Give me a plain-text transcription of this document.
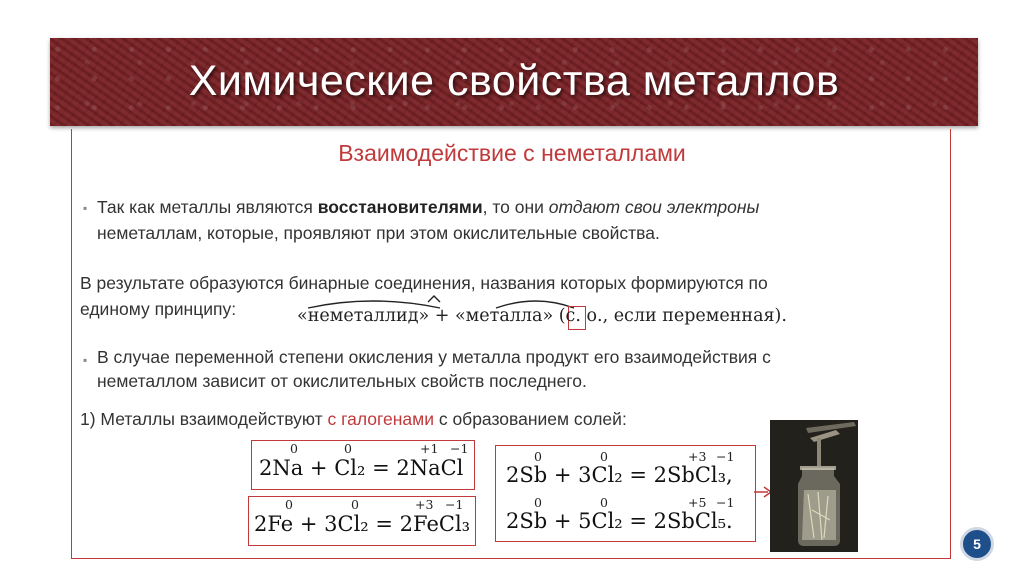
Химические свойства металлов
Взаимодействие с неметаллами
▪ Так как металлы являются восстановителями, то они отдают свои электроны
неметаллам, которые, проявляют при этом окислительные свойства.
В результате образуются бинарные соединения, названия которых формируются по
единому принципу:	«неметаллид» + «металла» (с. о., если переменная).
▪ В случае переменной степени окисления у металла продукт его взаимодействия с
неметаллом зависит от окислительных свойств последнего.
1) Металлы взаимодействуют с галогенами с образованием солей:
0	0	+1 −1
2Na + Cl₂ = 2NaCl
0	0	+3 −1
2Fe + 3Cl₂ = 2FeCl₃
0	0	+3 −1
2Sb + 3Cl₂ = 2SbCl₃,
0	0	+5 −1
2Sb + 5Cl₂ = 2SbCl₅.
5
